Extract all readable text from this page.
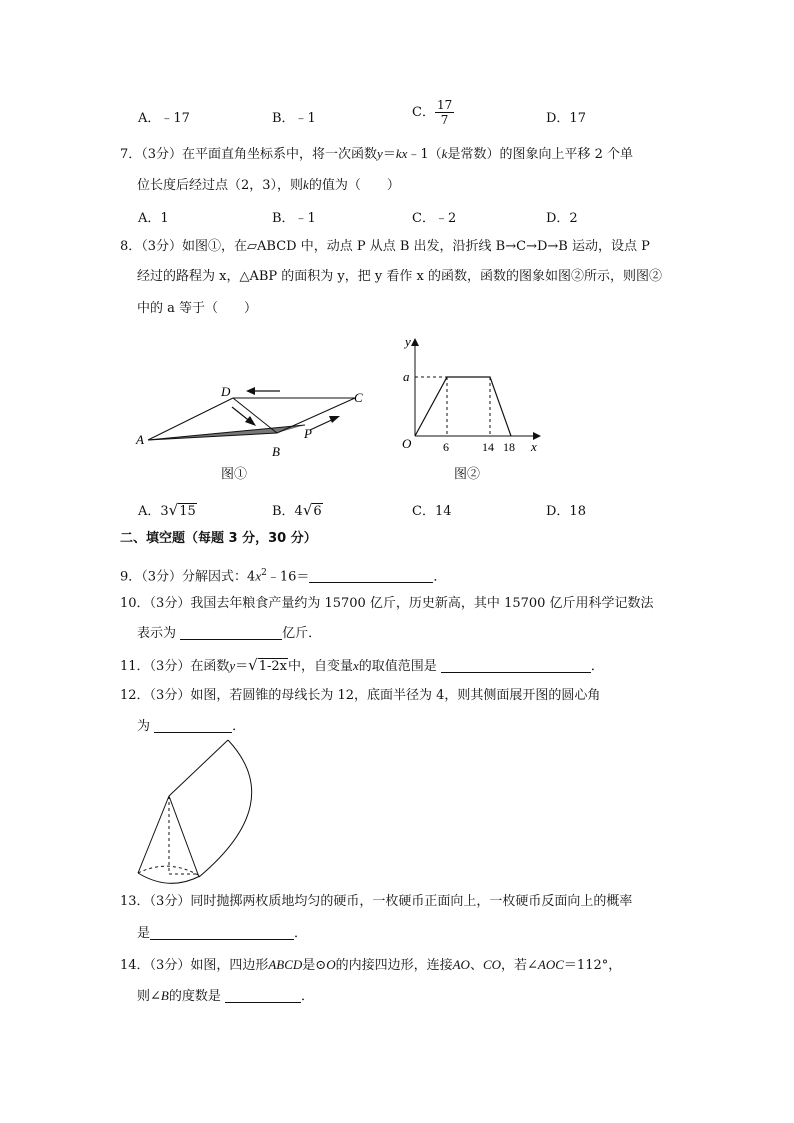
A．﹣17	B．﹣1	C． $\frac{17}{7}$	D．17
7．（3分）在平面直角坐标系中，将一次函数y＝kx﹣1（k是常数）的图象向上平移 2 个单
位长度后经过点（2，3），则k的值为（　　）
A．1	B．﹣1	C．﹣2	D．2
8．（3分）如图①，在▱ABCD 中，动点 P 从点 B 出发，沿折线 B→C→D→B 运动，设点 P
经过的路程为 x，△ABP 的面积为 y，把 y 看作 x 的函数，函数的图象如图②所示，则图②
中的 a 等于（　　）
A
B
C
D
P
图①
y
x
O
a
6	14 18
图②
A．3√15	B．4√6	C．14	D．18
二、填空题（每题 3 分，30 分）
9．（3分）分解因式：$4x^2﹣16=$	．
10．（3分）我国去年粮食产量约为 15700 亿斤，历史新高，其中 15700 亿斤用科学记数法
表示为	亿斤．
11．（3分）在函数y＝√1-2x中，自变量x的取值范围是	．
12．（3分）如图，若圆锥的母线长为 12，底面半径为 4，则其侧面展开图的圆心角
为	．
13．（3分）同时抛掷两枚质地均匀的硬币，一枚硬币正面向上，一枚硬币反面向上的概率
是	．
14．（3分）如图，四边形ABCD是⊙O的内接四边形，连接AO、CO，若∠AOC＝112°，
则∠B的度数是	．
